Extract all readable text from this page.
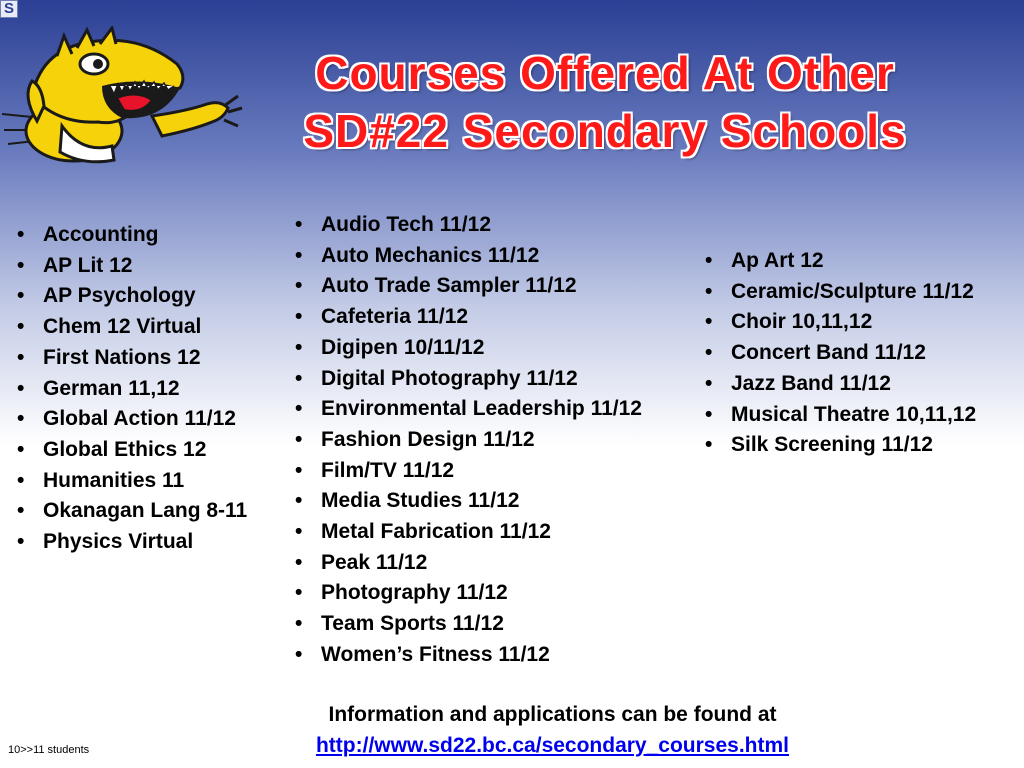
S
Courses Offered At Other
SD#22 Secondary Schools
• Accounting
• AP Lit 12
• AP Psychology
• Chem 12 Virtual
• First Nations 12
• German 11,12
• Global Action 11/12
• Global Ethics 12
• Humanities 11
• Okanagan Lang 8-11
• Physics Virtual
• Audio Tech 11/12
• Auto Mechanics 11/12
• Auto Trade Sampler 11/12
• Cafeteria 11/12
• Digipen 10/11/12
• Digital Photography 11/12
• Environmental Leadership 11/12
• Fashion Design 11/12
• Film/TV 11/12
• Media Studies 11/12
• Metal Fabrication 11/12
• Peak 11/12
• Photography 11/12
• Team Sports 11/12
• Women’s Fitness 11/12
• Ap Art 12
• Ceramic/Sculpture 11/12
• Choir 10,11,12
• Concert Band 11/12
• Jazz Band 11/12
• Musical Theatre 10,11,12
• Silk Screening 11/12
Information and applications can be found at
http://www.sd22.bc.ca/secondary_courses.html
10>>11 students
